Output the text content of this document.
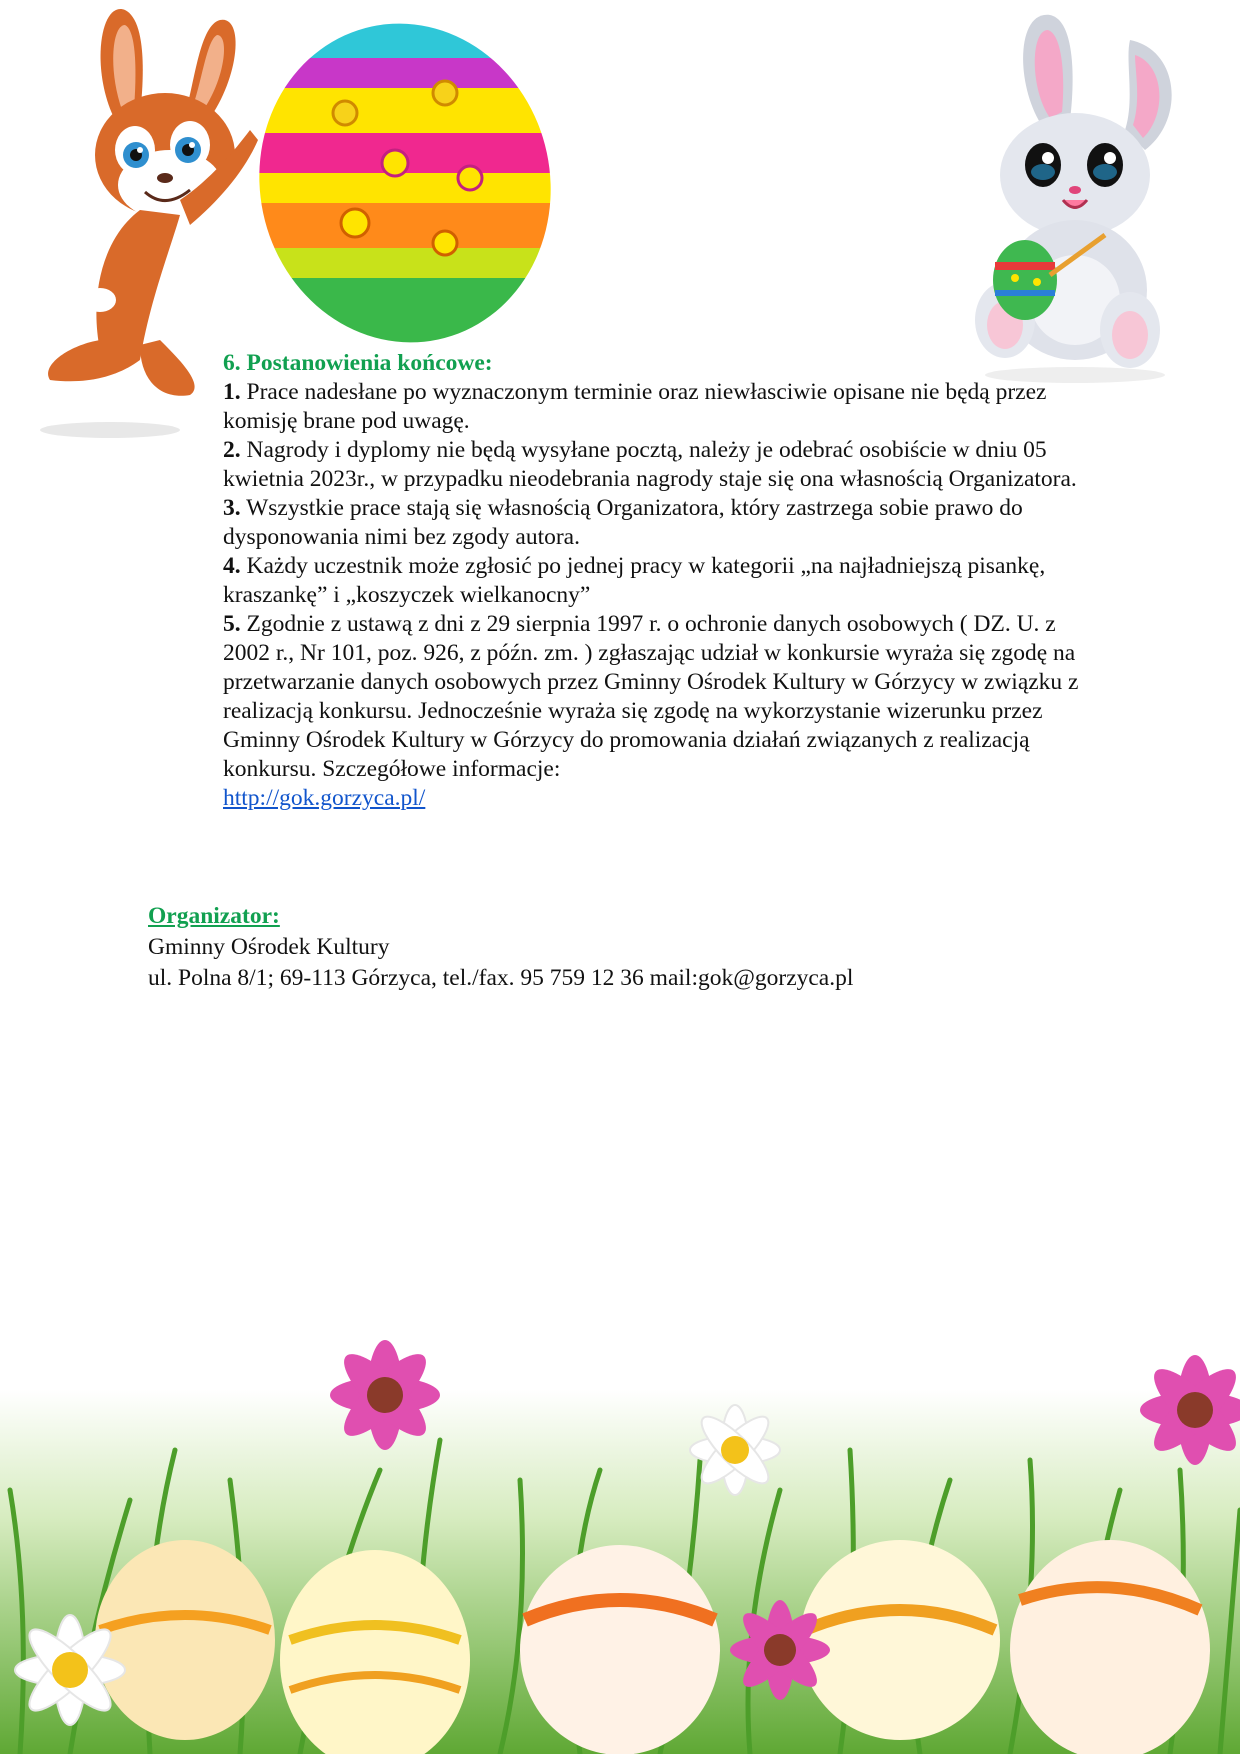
6. Postanowienia końcowe:

1. Prace nadesłane po wyznaczonym terminie oraz niewłasciwie opisane nie będą przez komisję brane pod uwagę.

2. Nagrody i dyplomy nie będą wysyłane pocztą, należy je odebrać osobiście w dniu 05 kwietnia 2023r., w przypadku nieodebrania nagrody staje się ona własnością Organizatora.

3. Wszystkie prace stają się własnością Organizatora, który zastrzega sobie prawo do dysponowania nimi bez zgody autora.

4. Każdy uczestnik może zgłosić po jednej pracy w kategorii „na najładniejszą pisankę, kraszankę” i „koszyczek wielkanocny”

5. Zgodnie z ustawą z dni z 29 sierpnia 1997 r. o ochronie danych osobowych ( DZ. U. z 2002 r., Nr 101, poz. 926, z późn. zm. ) zgłaszając udział w konkursie wyraża się zgodę na przetwarzanie danych osobowych przez Gminny Ośrodek Kultury w Górzycy w związku z realizacją konkursu. Jednocześnie wyraża się zgodę na wykorzystanie wizerunku przez Gminny Ośrodek Kultury w Górzycy do promowania działań związanych z realizacją konkursu. Szczegółowe informacje:

http://gok.gorzyca.pl/
Organizator:
Gminny Ośrodek Kultury
ul. Polna 8/1; 69-113 Górzyca, tel./fax. 95 759 12 36 mail:gok@gorzyca.pl
